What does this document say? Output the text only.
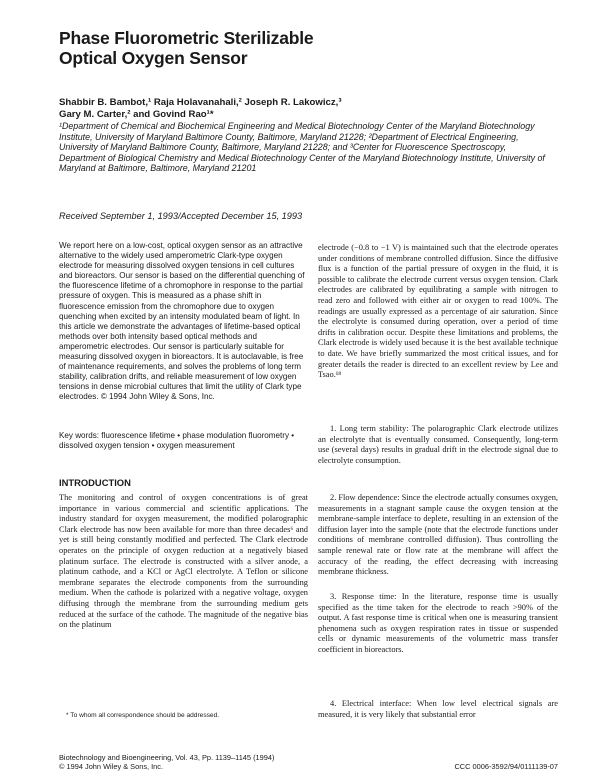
Phase Fluorometric Sterilizable
Optical Oxygen Sensor

Shabbir B. Bambot,¹ Raja Holavanahali,² Joseph R. Lakowicz,³
Gary M. Carter,² and Govind Rao¹*

¹Department of Chemical and Biochemical Engineering and Medical Biotechnology Center of the Maryland Biotechnology Institute, University of Maryland Baltimore County, Baltimore, Maryland 21228; ²Department of Electrical Engineering, University of Maryland Baltimore County, Baltimore, Maryland 21228; and ³Center for Fluorescence Spectroscopy, Department of Biological Chemistry and Medical Biotechnology Center of the Maryland Biotechnology Institute, University of Maryland at Baltimore, Baltimore, Maryland 21201

Received September 1, 1993/Accepted December 15, 1993

We report here on a low-cost, optical oxygen sensor as an attractive alternative to the widely used amperometric Clark-type oxygen electrode for measuring dissolved oxygen tensions in cell cultures and bioreactors. Our sensor is based on the differential quenching of the fluorescence lifetime of a chromophore in response to the partial pressure of oxygen. This is measured as a phase shift in fluorescence emission from the chromophore due to oxygen quenching when excited by an intensity modulated beam of light. In this article we demonstrate the advantages of lifetime-based optical methods over both intensity based optical methods and amperometric electrodes. Our sensor is particularly suitable for measuring dissolved oxygen in bioreactors. It is autoclavable, is free of maintenance requirements, and solves the problems of long term stability, calibration drifts, and reliable measurement of low oxygen tensions in dense microbial cultures that limit the utility of Clark type electrodes. © 1994 John Wiley & Sons, Inc.

Key words: fluorescence lifetime • phase modulation fluorometry • dissolved oxygen tension • oxygen measurement

INTRODUCTION

The monitoring and control of oxygen concentrations is of great importance in various commercial and scientific applications. The industry standard for oxygen measurement, the modified polarographic Clark electrode has now been available for more than three decades⁶ and yet is still being constantly modified and perfected. The Clark electrode operates on the principle of oxygen reduction at a negatively biased platinum surface. The electrode is constructed with a silver anode, a platinum cathode, and a KCl or AgCl electrolyte. A Teflon or silicone membrane separates the electrode components from the surrounding medium. When the cathode is polarized with a negative voltage, oxygen diffusing through the membrane from the surrounding medium gets reduced at the surface of the cathode. The magnitude of the negative bias on the platinum

* To whom all correspondence should be addressed.

electrode (−0.8 to −1 V) is maintained such that the electrode operates under conditions of membrane controlled diffusion. Since the diffusive flux is a function of the partial pressure of oxygen in the fluid, it is possible to calibrate the electrode current versus oxygen tension. Clark electrodes are calibrated by equilibrating a sample with nitrogen to read zero and followed with either air or oxygen to read 100%. The readings are usually expressed as a percentage of air saturation. Since the electrolyte is consumed during operation, over a period of time drifts in calibration occur. Despite these limitations and problems, the Clark electrode is widely used because it is the best available technique to date. We have briefly summarized the most critical issues, and for greater details the reader is directed to an excellent review by Lee and Tsao.¹⁸

1. Long term stability: The polarographic Clark electrode utilizes an electrolyte that is eventually consumed. Consequently, long-term use (several days) results in gradual drift in the electrode signal due to electrolyte consumption.

2. Flow dependence: Since the electrode actually consumes oxygen, measurements in a stagnant sample cause the oxygen tension at the membrane-sample interface to deplete, resulting in an extension of the diffusion layer into the sample (note that the electrode functions under conditions of membrane controlled diffusion). Thus controlling the sample renewal rate or flow rate at the membrane will affect the accuracy of the reading, the effect decreasing with increasing membrane thickness.

3. Response time: In the literature, response time is usually specified as the time taken for the electrode to reach >90% of the output. A fast response time is critical when one is measuring transient phenomena such as oxygen respiration rates in tissue or suspended cells or dynamic measurements of the volumetric mass transfer coefficient in bioreactors.

4. Electrical interface: When low level electrical signals are measured, it is very likely that substantial error

Biotechnology and Bioengineering, Vol. 43, Pp. 1139–1145 (1994)
© 1994 John Wiley & Sons, Inc.	CCC 0006-3592/94/0111139-07
